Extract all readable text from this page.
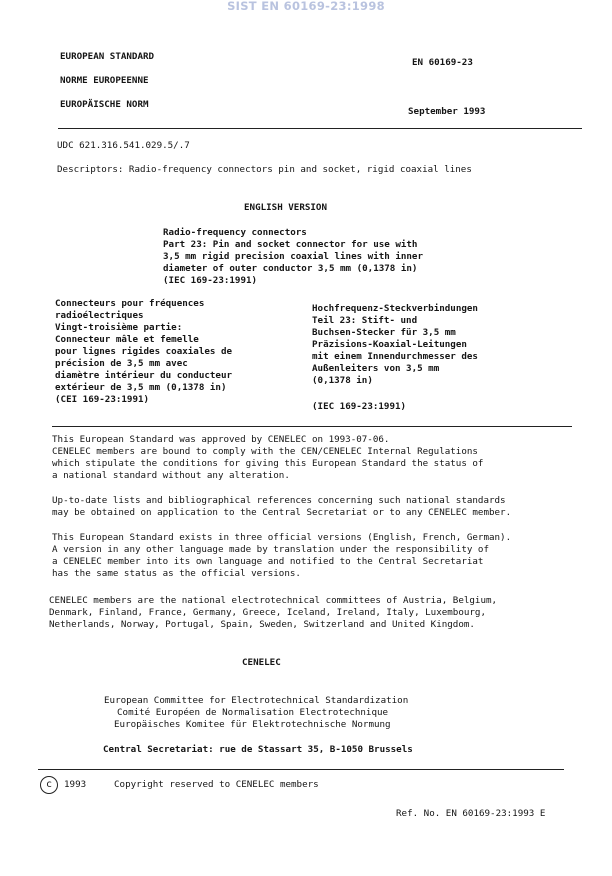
SIST EN 60169-23:1998
EUROPEAN STANDARD
NORME EUROPEENNE
EUROPÄISCHE NORM
EN 60169-23
September 1993
UDC 621.316.541.029.5/.7
Descriptors: Radio-frequency connectors pin and socket, rigid coaxial lines
ENGLISH VERSION
Radio-frequency connectors
Part 23: Pin and socket connector for use with
3,5 mm rigid precision coaxial lines with inner
diameter of outer conductor 3,5 mm (0,1378 in)
(IEC 169-23:1991)
Connecteurs pour fréquences
radioélectriques
Vingt-troisième partie:
Connecteur mâle et femelle
pour lignes rigides coaxiales de
précision de 3,5 mm avec
diamètre intérieur du conducteur
extérieur de 3,5 mm (0,1378 in)
(CEI 169-23:1991)
Hochfrequenz-Steckverbindungen
Teil 23: Stift- und
Buchsen-Stecker für 3,5 mm
Präzisions-Koaxial-Leitungen
mit einem Innendurchmesser des
Außenleiters von 3,5 mm
(0,1378 in)
(IEC 169-23:1991)
This European Standard was approved by CENELEC on 1993-07-06.
CENELEC members are bound to comply with the CEN/CENELEC Internal Regulations
which stipulate the conditions for giving this European Standard the status of
a national standard without any alteration.
Up-to-date lists and bibliographical references concerning such national standards
may be obtained on application to the Central Secretariat or to any CENELEC member.
This European Standard exists in three official versions (English, French, German).
A version in any other language made by translation under the responsibility of
a CENELEC member into its own language and notified to the Central Secretariat
has the same status as the official versions.
CENELEC members are the national electrotechnical committees of Austria, Belgium,
Denmark, Finland, France, Germany, Greece, Iceland, Ireland, Italy, Luxembourg,
Netherlands, Norway, Portugal, Spain, Sweden, Switzerland and United Kingdom.
CENELEC
European Committee for Electrotechnical Standardization
Comité Européen de Normalisation Electrotechnique
Europäisches Komitee für Elektrotechnische Normung
Central Secretariat: rue de Stassart 35, B-1050 Brussels
c	1993	Copyright reserved to CENELEC members
Ref. No. EN 60169-23:1993 E
